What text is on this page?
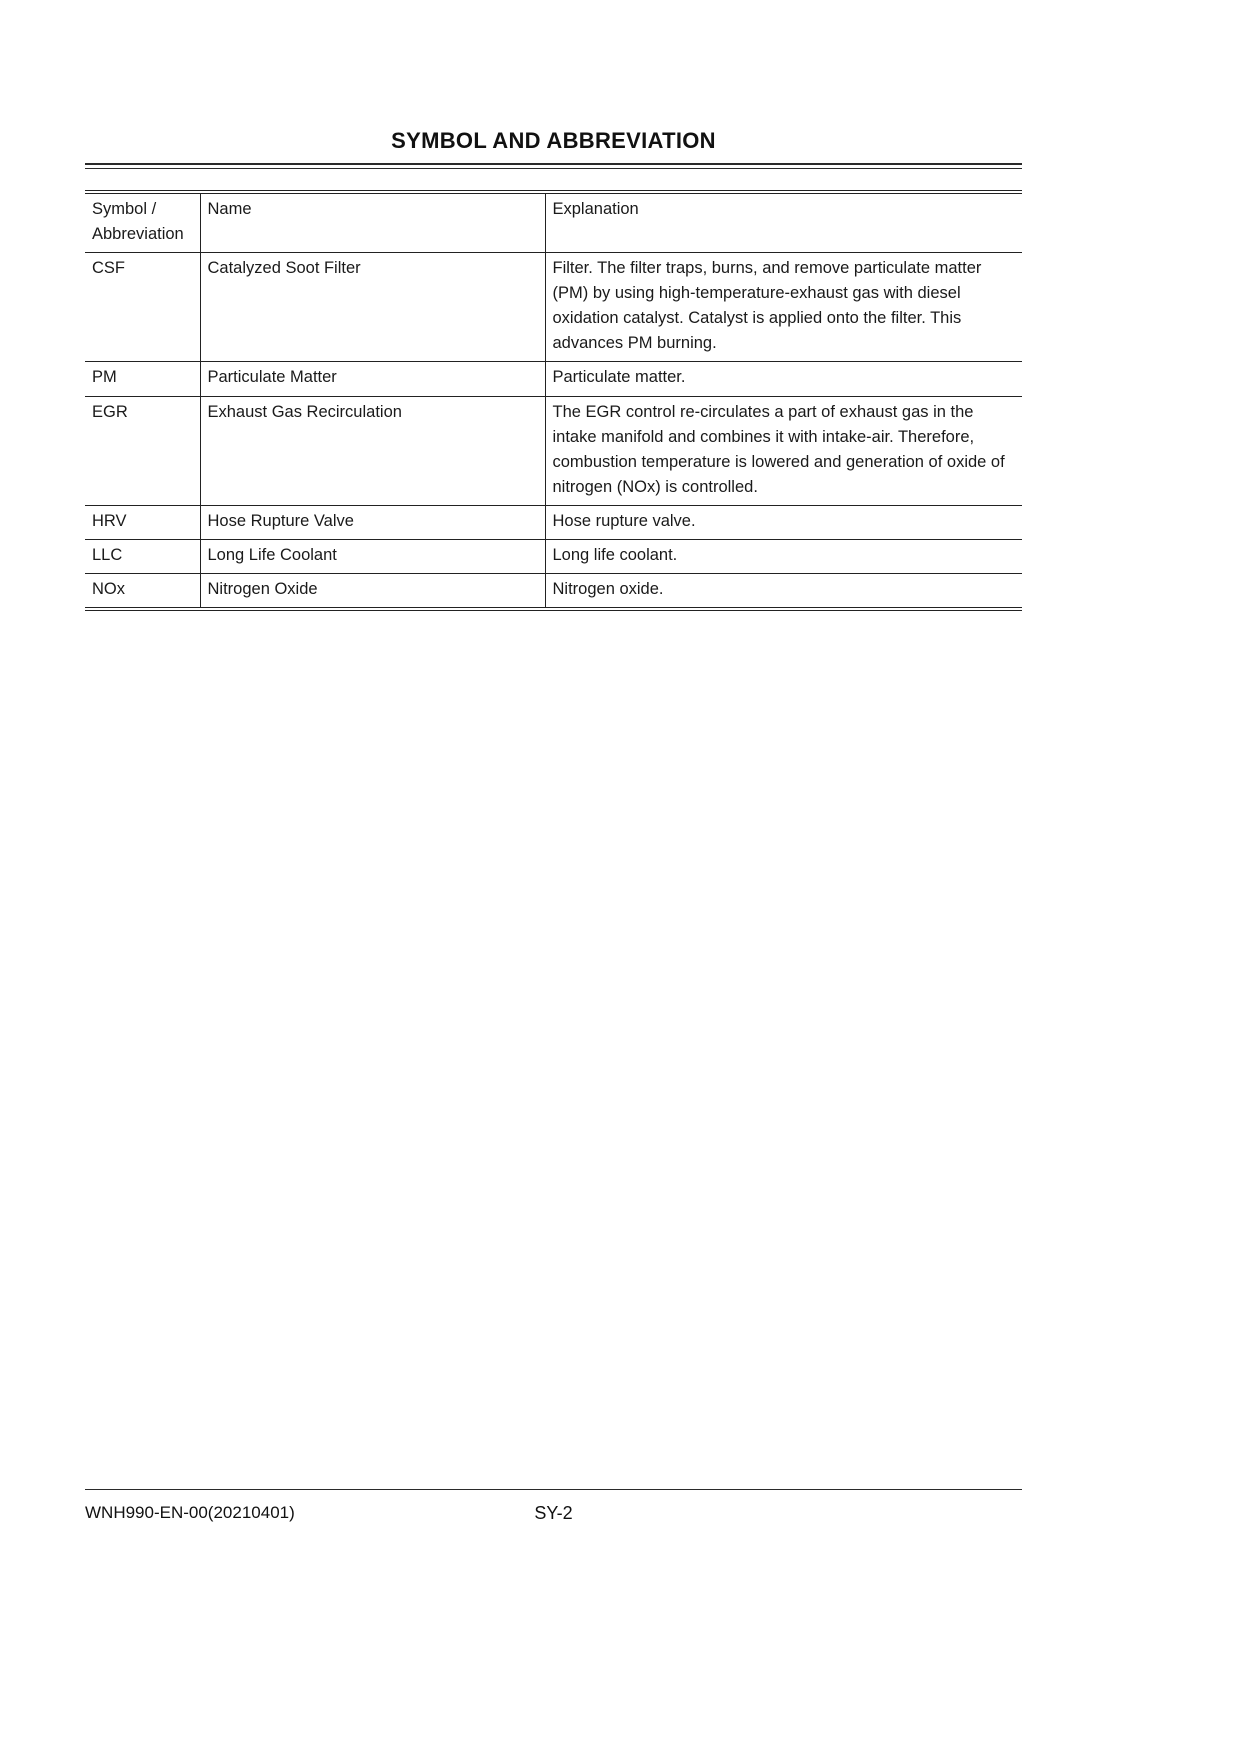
SYMBOL AND ABBREVIATION
Symbol / Abbreviation	Name	Explanation
CSF	Catalyzed Soot Filter	Filter. The filter traps, burns, and remove particulate matter (PM) by using high-temperature-exhaust gas with diesel oxidation catalyst. Catalyst is applied onto the filter. This advances PM burning.
PM	Particulate Matter	Particulate matter.
EGR	Exhaust Gas Recirculation	The EGR control re-circulates a part of exhaust gas in the intake manifold and combines it with intake-air. Therefore, combustion temperature is lowered and generation of oxide of nitrogen (NOx) is controlled.
HRV	Hose Rupture Valve	Hose rupture valve.
LLC	Long Life Coolant	Long life coolant.
NOx	Nitrogen Oxide	Nitrogen oxide.
WNH990-EN-00(20210401)	SY-2
